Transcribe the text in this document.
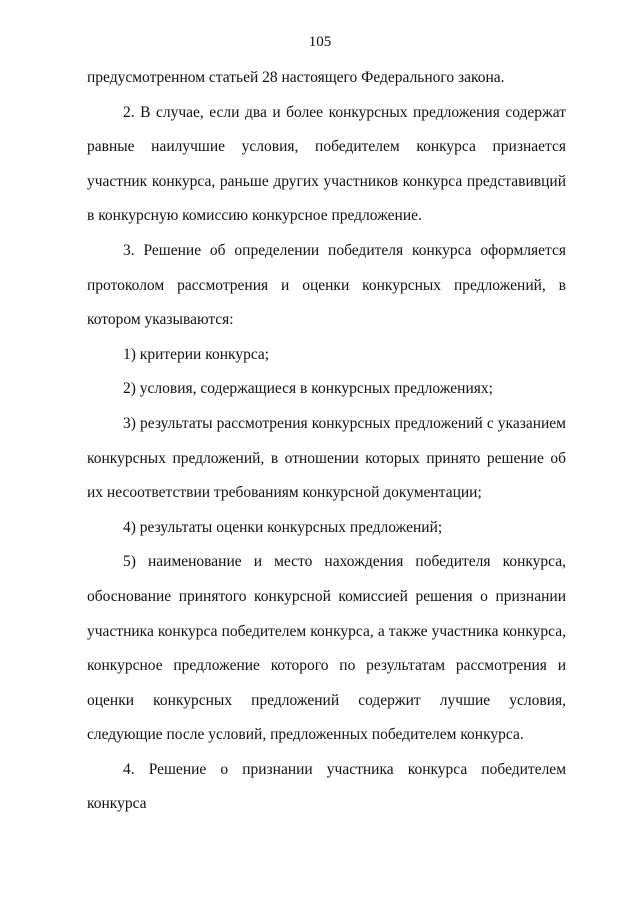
105

предусмотренном статьей 28 настоящего Федерального закона.

2. В случае, если два и более конкурсных предложения содержат равные наилучшие условия, победителем конкурса признается участник конкурса, раньше других участников конкурса представивций в конкурсную комиссию конкурсное предложение.

3. Решение об определении победителя конкурса оформляется протоколом рассмотрения и оценки конкурсных предложений, в котором указываются:

1) критерии конкурса;

2) условия, содержащиеся в конкурсных предложениях;

3) результаты рассмотрения конкурсных предложений с указанием конкурсных предложений, в отношении которых принято решение об их несоответствии требованиям конкурсной документации;

4) результаты оценки конкурсных предложений;

5) наименование и место нахождения победителя конкурса, обоснование принятого конкурсной комиссией решения о признании участника конкурса победителем конкурса, а также участника конкурса, конкурсное предложение которого по результатам рассмотрения и оценки конкурсных предложений содержит лучшие условия, следующие после условий, предложенных победителем конкурса.

4. Решение о признании участника конкурса победителем конкурса
